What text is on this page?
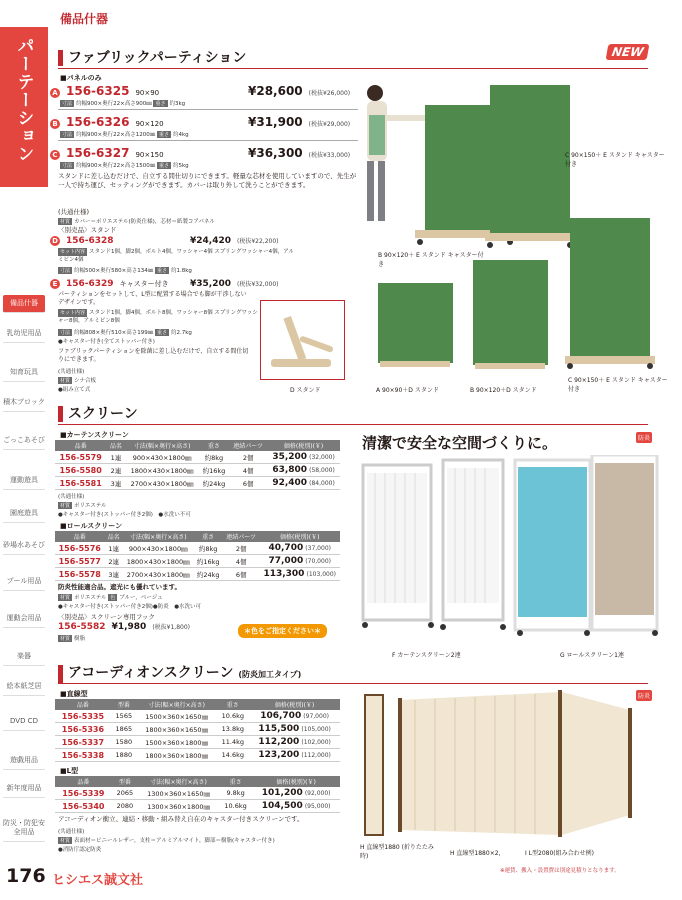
パーテーション
備品什器
乳幼児用品
知育玩具
積木ブロック
ごっこあそび
運動遊具
園庭遊具
砂場水あそび
プール用品
運動会用品
楽器
絵本紙芝居
DVD CD
遊戯用品
新年度用品
防災・防犯安全用品
176 ヒシエス誠文社
備品什器
ファブリックパーティション	NEW
■パネルのみ
A 156-6325 90×90	¥28,600 (税抜¥26,000)
寸法 約幅900×奥行22×高さ900㎜ 重さ 約3kg
B 156-6326 90×120	¥31,900 (税抜¥29,000)
寸法 約幅900×奥行22×高さ1200㎜ 重さ 約4kg
C 156-6327 90×150	¥36,300 (税抜¥33,000)
寸法 約幅900×奥行22×高さ1500㎜ 重さ 約5kg
スタンドに差し込むだけで、自立する間仕切りにできます。軽量な芯材を使用していますので、先生が一人で持ち運び、セッティングができます。カバーは取り外して洗うことができます。
(共通仕様)
材質 カバー＝ポリエステル(防炎仕様)，芯材＝紙製コアパネル
〈別売品〉スタンド
D 156-6328	¥24,420 (税抜¥22,200)
セット内容 スタンド1個，脚2個，ボルト4個，ワッシャー4個 スプリングワッシャー4個，アルミピン4個
寸法 約幅500×奥行580×高さ134㎜ 重さ 約1.8kg
E 156-6329 キャスター付き ¥35,200 (税抜¥32,000)
パーティションをセットして、L型に配置する場合でも脚が干渉しないデザインです。
セット内容 スタンド1個，脚4個，ボルト8個，ワッシャー8個 スプリングワッシャー8個，アルミピン8個
寸法 約幅808×奥行510×高さ199㎜ 重さ 約2.7kg
●キャスター付き(全てストッパー付き)
ファブリックパーティションを除菌に差し込むだけで、自立する間仕切りにできます。
(共通仕様)
材質 シナ合板
●組み立て式
C 90×150＋ E スタンド キャスター付き
B 90×120＋ E スタンド キャスター付き
D スタンド	A 90×90＋D スタンド	B 90×120＋D スタンド
C 90×150＋ E スタンド キャスター付き
スクリーン
■カーテンスクリーン
品番	品名	寸法(幅×奥行×高さ)	重さ	連結パーツ	価格(税別)(￥)
156-5579	1連	900×430×1800㎜	約8kg	2個	35,200 (32,000)
156-5580	2連	1800×430×1800㎜	約16kg	4個	63,800 (58,000)
156-5581	3連	2700×430×1800㎜	約24kg	6個	92,400 (84,000)
(共通仕様)
材質 ポリエステル
●キャスター付き(ストッパー付き2個)　●水洗い不可
■ロールスクリーン
品番	品名	寸法(幅×奥行×高さ)	重さ	連結パーツ	価格(税別)(￥)
156-5576	1連	900×430×1800㎜	約8kg	2個	40,700 (37,000)
156-5577	2連	1800×430×1800㎜	約16kg	4個	77,000 (70,000)
156-5578	3連	2700×430×1800㎜	約24kg	6個	113,300 (103,000)
防炎性能適合品。遮光にも優れています。
材質 ポリエステル 色 ブルー，ベージュ
●キャスター付き(ストッパー付き2個)●防炎　●水洗い可
〈別売品〉スクリーン専用フック
156-5582 ¥1,980 (税抜¥1,800)
材質 樹脂
＊色をご指定ください＊
清潔で安全な空間づくりに。	防炎
F カーテンスクリーン2連	G ロールスクリーン1連
アコーディオンスクリーン (防炎加工タイプ)
■直線型
品番	型番	寸法(幅×奥行×高さ)	重さ	価格(税別)(￥)
156-5335	1565	1500×360×1650㎜	10.6kg	106,700 (97,000)
156-5336	1865	1800×360×1650㎜	13.8kg	115,500 (105,000)
156-5337	1580	1500×360×1800㎜	11.4kg	112,200 (102,000)
156-5338	1880	1800×360×1800㎜	14.6kg	123,200 (112,000)
■L型
品番	型番	寸法(幅×奥行×高さ)	重さ	価格(税別)(￥)
156-5339	2065	1300×360×1650㎜	9.8kg	101,200 (92,000)
156-5340	2080	1300×360×1800㎜	10.6kg	104,500 (95,000)
アコーディオン衝立、連結・移動・組み替え自在のキャスター付きスクリーンです。
(共通仕様)
材質 表面材＝ビニールレザー，支柱＝アルミアルマイト，脚部＝樹脂(キャスター付き)
●消防庁認定防炎
防炎
H 直線型1880 (折りたたみ時)	H 直線型1880×2，	I L型2080(組み合わせ例)
※運賃、搬入・設置費は別途見積りとなります。
